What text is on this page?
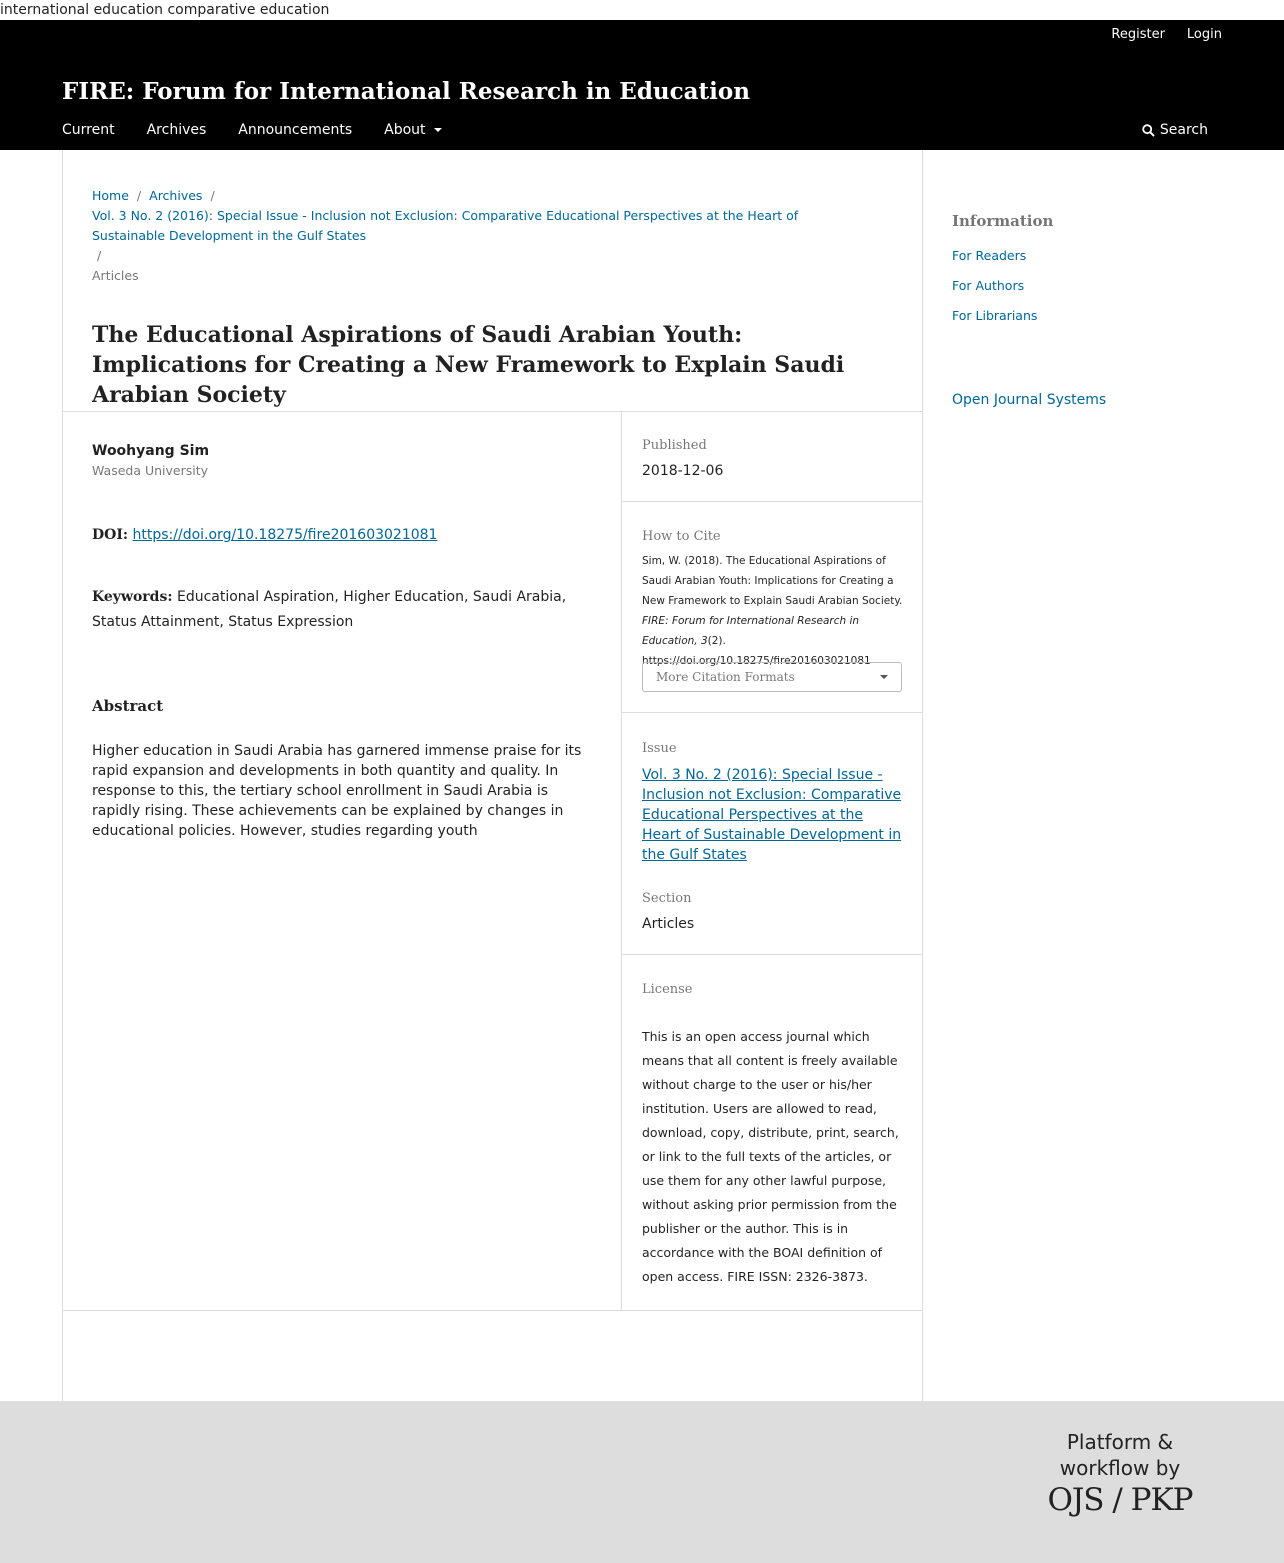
international education comparative education
Register Login
FIRE: Forum for International Research in Education
Current Archives Announcements About	Search
Home / Archives /
Vol. 3 No. 2 (2016): Special Issue - Inclusion not Exclusion: Comparative Educational Perspectives at the Heart of Sustainable Development in the Gulf States
/
Articles
The Educational Aspirations of Saudi Arabian Youth: Implications for Creating a New Framework to Explain Saudi Arabian Society
Woohyang Sim
Waseda University
DOI: https://doi.org/10.18275/fire201603021081
Keywords: Educational Aspiration, Higher Education, Saudi Arabia, Status Attainment, Status Expression
Abstract

Higher education in Saudi Arabia has garnered immense praise for its rapid expansion and developments in both quantity and quality. In response to this, the tertiary school enrollment in Saudi Arabia is rapidly rising. These achievements can be explained by changes in educational policies. However, studies regarding youth

Published
2018-12-06
How to Cite
Sim, W. (2018). The Educational Aspirations of Saudi Arabian Youth: Implications for Creating a New Framework to Explain Saudi Arabian Society. FIRE: Forum for International Research in Education, 3(2). https://doi.org/10.18275/fire201603021081
More Citation Formats
Issue
Section
Articles
Vol. 3 No. 2 (2016): Special Issue - Inclusion not Exclusion: Comparative Educational Perspectives at the Heart of Sustainable Development in the Gulf States
License

This is an open access journal which means that all content is freely available without charge to the user or his/her institution. Users are allowed to read, download, copy, distribute, print, search, or link to the full texts of the articles, or use them for any other lawful purpose, without asking prior permission from the publisher or the author. This is in accordance with the BOAI definition of open access. FIRE ISSN: 2326-3873.

Information
For Readers
For Authors
For Librarians
Open Journal Systems
Platform &
workflow by
OJS / PKP
